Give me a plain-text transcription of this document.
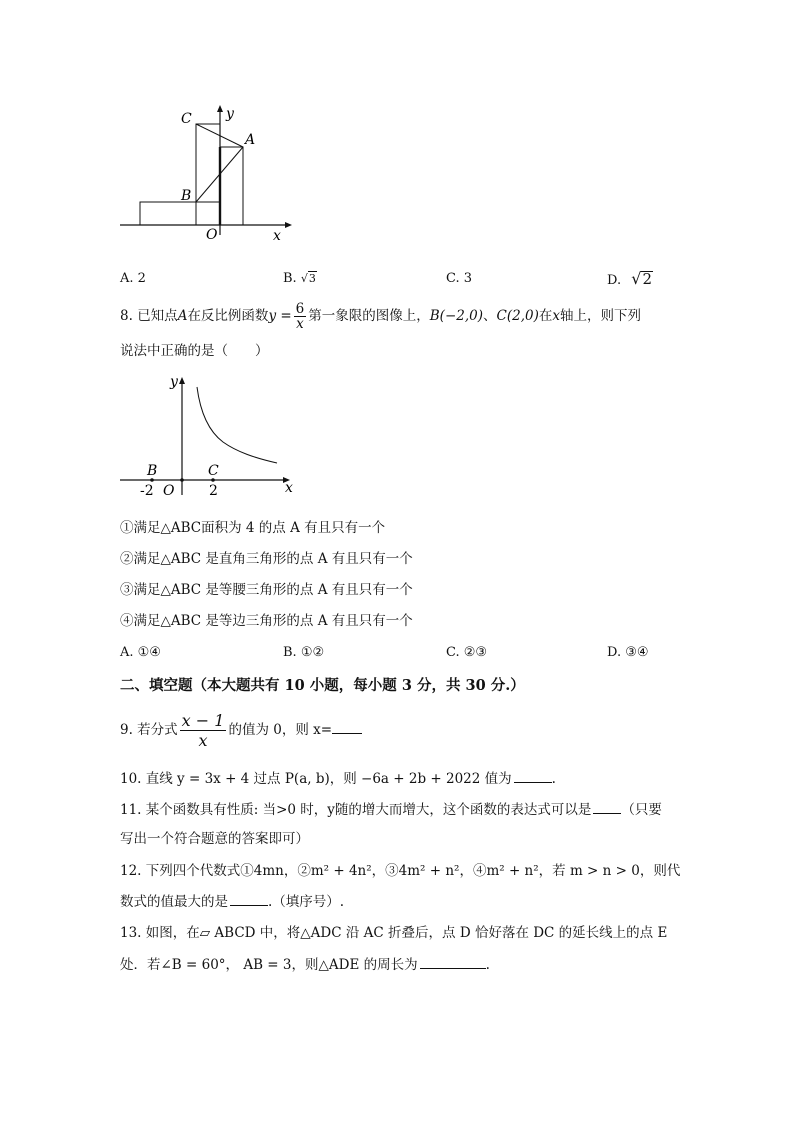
C y
A
B
O	x
A. 2	B. √3	C. 3	D. √2
8. 已知点A在反比例函数$y = \frac{6}{x}$ 第一象限的图像上，B(−2,0)、C(2,0)在x轴上，则下列
说法中正确的是（　　）
y
B	C
-2 O 2	x
①满足△ABC面积为 4 的点 A 有且只有一个
②满足△ABC 是直角三角形的点 A 有且只有一个
③满足△ABC 是等腰三角形的点 A 有且只有一个
④满足△ABC 是等边三角形的点 A 有且只有一个
A. ①④	B. ①②	C. ②③	D. ③④
二、填空题（本大题共有 10 小题，每小题 3 分，共 30 分.）
9. 若分式 $\frac{x - 1}{x}$ 的值为 0，则 x=
10. 直线 y = 3x + 4 过点 P(a, b)，则 −6a + 2b + 2022 值为	.
11. 某个函数具有性质: 当>0 时，y随的增大而增大，这个函数的表达式可以是 （只要
写出一个符合题意的答案即可）
12. 下列四个代数式①4mn，②m² + 4n²，③4m² + n²，④m² + n²，若 m > n > 0，则代
数式的值最大的是	.（填序号）.
13. 如图，在▱ ABCD 中，将△ADC 沿 AC 折叠后，点 D 恰好落在 DC 的延长线上的点 E
处．若∠B = 60°， AB = 3，则△ADE 的周长为	.
